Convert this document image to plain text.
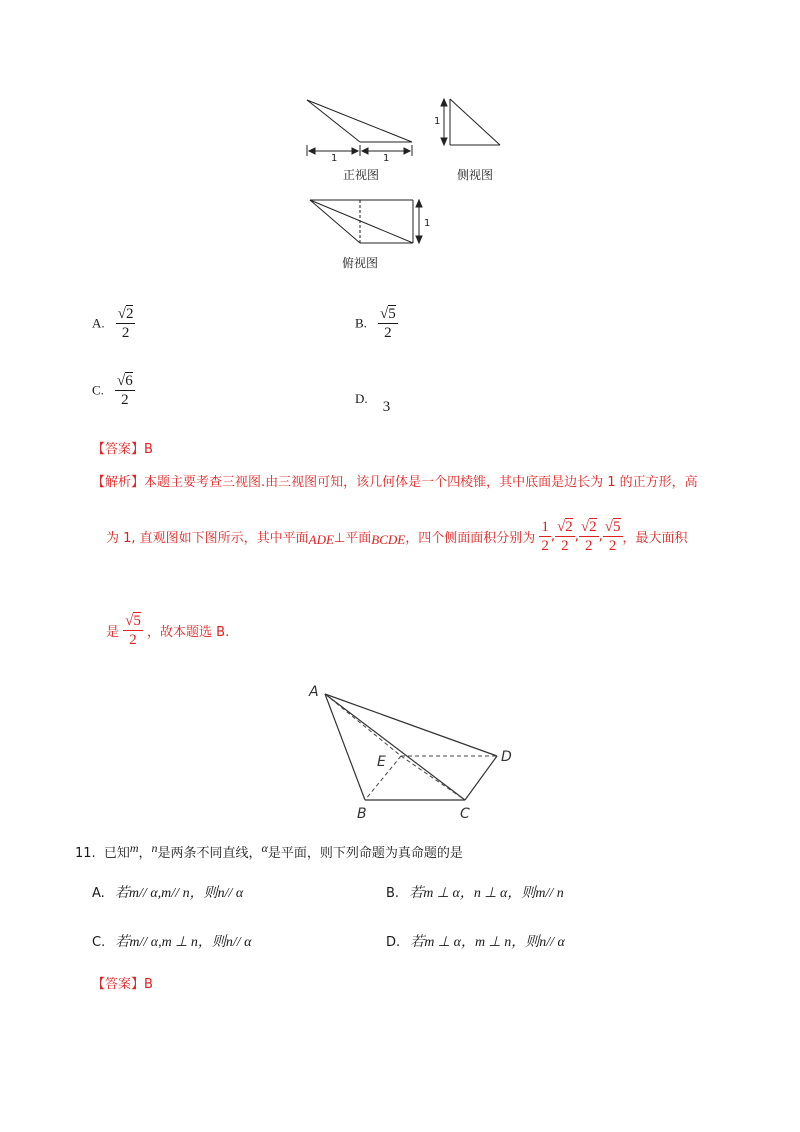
1	1
正视图
1
侧视图
1
俯视图
A. $\frac{√2}{2}$	B. $\frac{√5}{2}$
C. $\frac{√6}{2}$	D. 3
【答案】B
【解析】本题主要考查三视图.由三视图可知，该几何体是一个四棱锥，其中底面是边长为 1 的正方形，高
为 1, 直观图如下图所示，其中平面ADE⊥平面BCDE，四个侧面面积分别为 $\frac{1}{2}$ , $\frac{√2}{2}$ , $\frac{√2}{2}$ , $\frac{√5}{2}$ ，最大面积
是 $\frac{√5}{2}$ ，故本题选 B.
A
B	C
D
E
11. 已知m，n是两条不同直线，α是平面，则下列命题为真命题的是
A. 若m// α,m// n，则n// α	B. 若m ⊥ α，n ⊥ α，则m// n
C. 若m// α,m ⊥ n，则n// α	D. 若m ⊥ α，m ⊥ n，则n// α
【答案】B
